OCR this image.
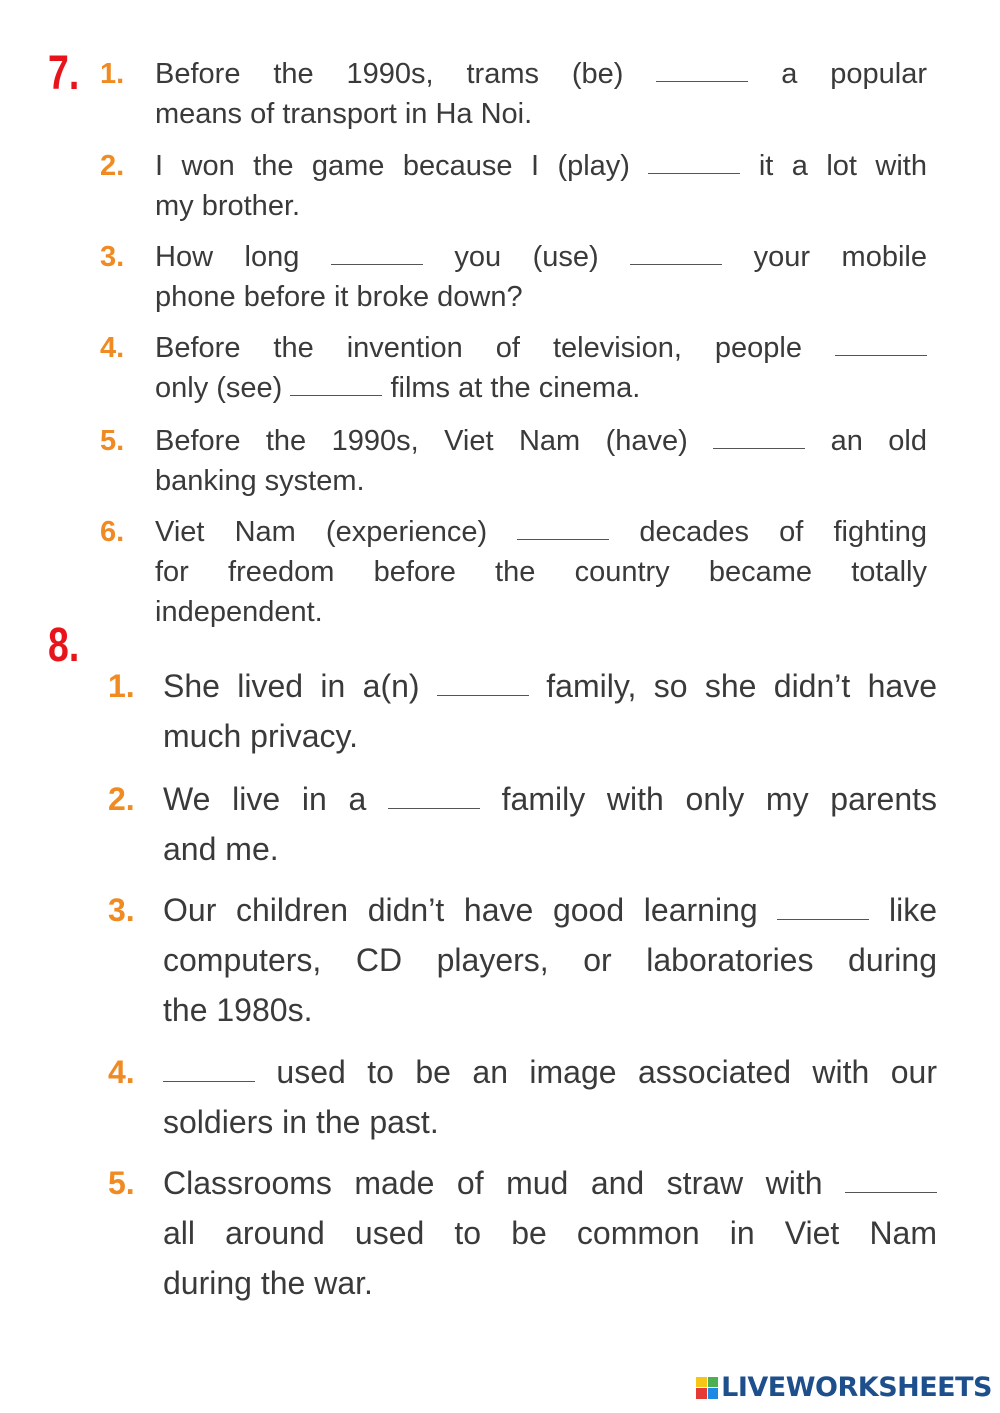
7. 1. Before the 1990s, trams (be)	a popular
means of transport in Ha Noi.
2. I won the game because I (play)	it a lot with
my brother.
3. How long	you (use)	your mobile
phone before it broke down?
4. Before the invention of television, people
only (see)	films at the cinema.
5. Before the 1990s, Viet Nam (have)	an old
banking system.
6. Viet Nam (experience)	decades of fighting
for freedom before the country became totally
independent.
8.
1. She lived in a(n)	family, so she didn’t have
much privacy.
2. We live in a	family with only my parents
and me.
3. Our children didn’t have good learning	like
computers, CD players, or laboratories during
the 1980s.
4.	used to be an image associated with our
soldiers in the past.
5. Classrooms made of mud and straw with
all around used to be common in Viet Nam
during the war.
LIVEWORKSHEETS
